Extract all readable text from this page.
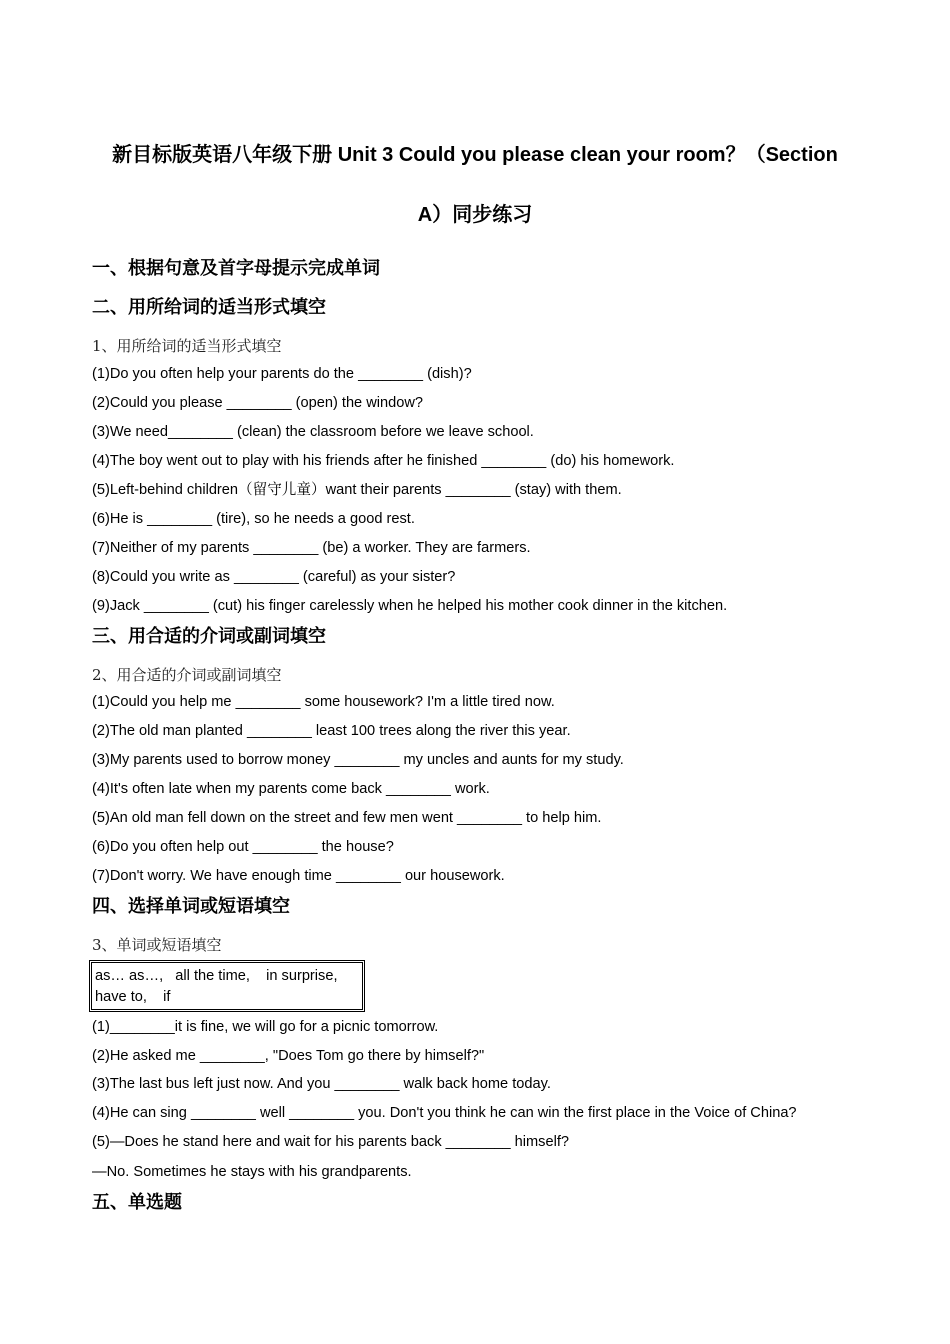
新目标版英语八年级下册 Unit 3 Could you please clean your room？（Section
A）同步练习
一、根据句意及首字母提示完成单词
二、用所给词的适当形式填空
1、用所给词的适当形式填空
(1)Do you often help your parents do the ________ (dish)?
(2)Could you please ________ (open) the window?
(3)We need________ (clean) the classroom before we leave school.
(4)The boy went out to play with his friends after he finished ________ (do) his homework.
(5)Left-behind children（留守儿童）want their parents ________ (stay) with them.
(6)He is ________ (tire), so he needs a good rest.
(7)Neither of my parents ________ (be) a worker. They are farmers.
(8)Could you write as ________ (careful) as your sister?
(9)Jack ________ (cut) his finger carelessly when he helped his mother cook dinner in the kitchen.
三、用合适的介词或副词填空
2、用合适的介词或副词填空
(1)Could you help me ________ some housework? I'm a little tired now.
(2)The old man planted ________ least 100 trees along the river this year.
(3)My parents used to borrow money ________ my uncles and aunts for my study.
(4)It's often late when my parents come back ________ work.
(5)An old man fell down on the street and few men went ________ to help him.
(6)Do you often help out ________ the house?
(7)Don't worry. We have enough time ________ our housework.
四、选择单词或短语填空
3、单词或短语填空
as… as…,   all the time,    in surprise,
have to,    if
(1)________it is fine, we will go for a picnic tomorrow.
(2)He asked me ________, "Does Tom go there by himself?"
(3)The last bus left just now. And you ________ walk back home today.
(4)He can sing ________ well ________ you. Don't you think he can win the first place in the Voice of China?
(5)—Does he stand here and wait for his parents back ________ himself?
—No. Sometimes he stays with his grandparents.
五、单选题
